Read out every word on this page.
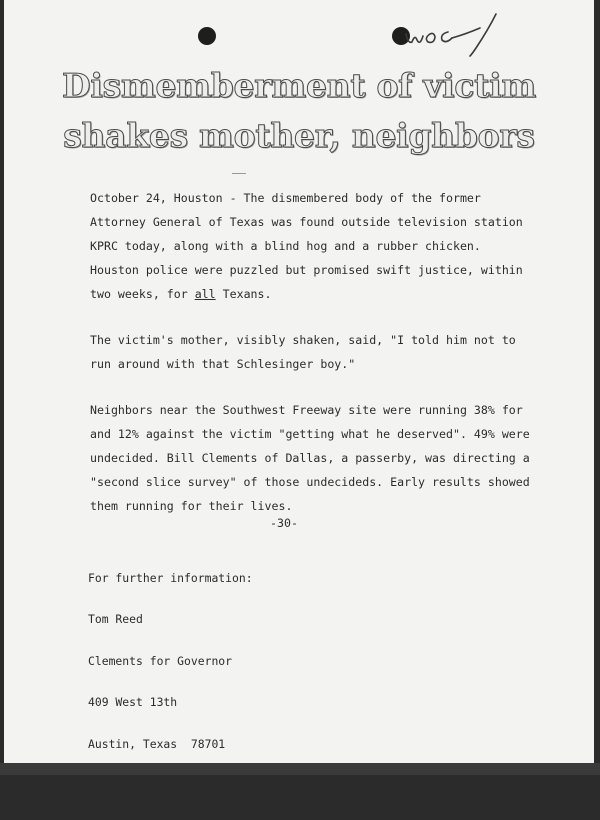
Dismemberment of victim
shakes mother, neighbors
October 24, Houston - The dismembered body of the former
Attorney General of Texas was found outside television station
KPRC today, along with a blind hog and a rubber chicken.
Houston police were puzzled but promised swift justice, within
two weeks, for all Texans.
The victim's mother, visibly shaken, said, "I told him not to
run around with that Schlesinger boy."
Neighbors near the Southwest Freeway site were running 38% for
and 12% against the victim "getting what he deserved". 49% were
undecided. Bill Clements of Dallas, a passerby, was directing a
"second slice survey" of those undecideds. Early results showed
them running for their lives.
-30-

For further information:

Tom Reed

Clements for Governor

409 West 13th

Austin, Texas  78701

512/474-9409
